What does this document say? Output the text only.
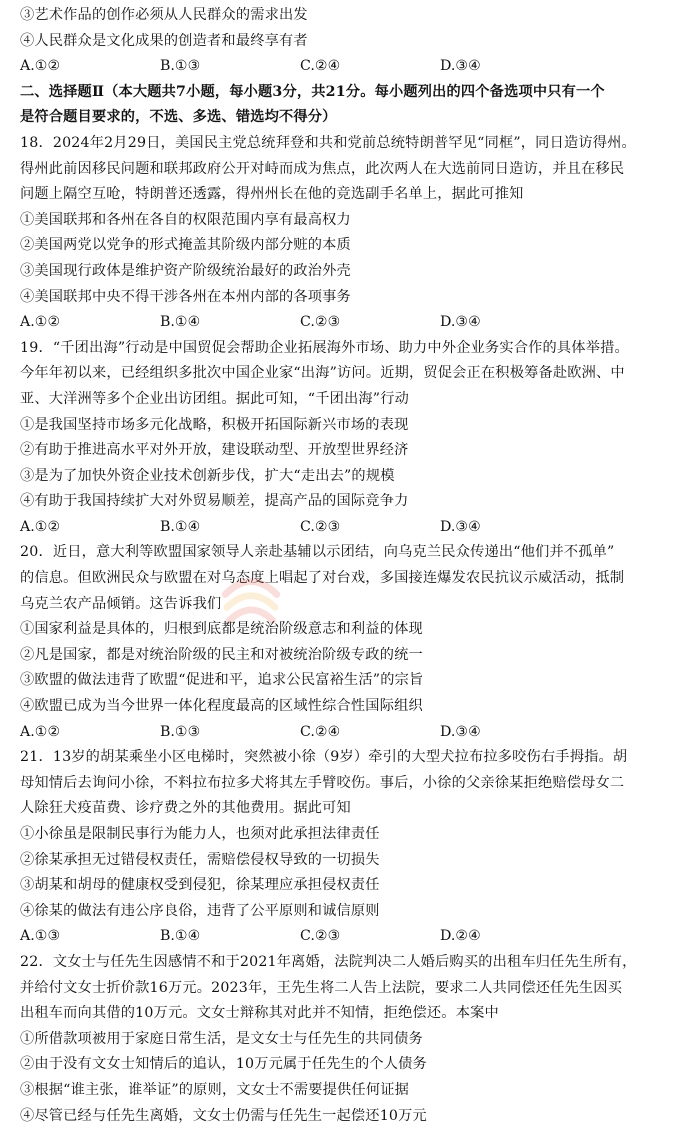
③艺术作品的创作必须从人民群众的需求出发
④人民群众是文化成果的创造者和最终享有者
A.①②	B.①③	C.②④	D.③④
二、选择题Ⅱ（本大题共7小题，每小题3分，共21分。每小题列出的四个备选项中只有一个
是符合题目要求的，不选、多选、错选均不得分）
18．2024年2月29日，美国民主党总统拜登和共和党前总统特朗普罕见“同框”，同日造访得州。
得州此前因移民问题和联邦政府公开对峙而成为焦点，此次两人在大选前同日造访，并且在移民
问题上隔空互呛，特朗普还透露，得州州长在他的竞选副手名单上，据此可推知
①美国联邦和各州在各自的权限范围内享有最高权力
②美国两党以党争的形式掩盖其阶级内部分赃的本质
③美国现行政体是维护资产阶级统治最好的政治外壳
④美国联邦中央不得干涉各州在本州内部的各项事务
A.①②	B.①④	C.②③	D.③④
19．“千团出海”行动是中国贸促会帮助企业拓展海外市场、助力中外企业务实合作的具体举措。
今年年初以来，已经组织多批次中国企业家“出海”访问。近期，贸促会正在积极筹备赴欧洲、中
亚、大洋洲等多个企业出访团组。据此可知，“千团出海”行动
①是我国坚持市场多元化战略，积极开拓国际新兴市场的表现
②有助于推进高水平对外开放，建设联动型、开放型世界经济
③是为了加快外资企业技术创新步伐，扩大“走出去”的规模
④有助于我国持续扩大对外贸易顺差，提高产品的国际竞争力
A.①②	B.①④	C.②③	D.③④
20．近日，意大利等欧盟国家领导人亲赴基辅以示团结，向乌克兰民众传递出“他们并不孤单”
的信息。但欧洲民众与欧盟在对乌态度上唱起了对台戏，多国接连爆发农民抗议示威活动，抵制
乌克兰农产品倾销。这告诉我们
①国家利益是具体的，归根到底都是统治阶级意志和利益的体现
②凡是国家，都是对统治阶级的民主和对被统治阶级专政的统一
③欧盟的做法违背了欧盟“促进和平，追求公民富裕生活”的宗旨
④欧盟已成为当今世界一体化程度最高的区域性综合性国际组织
A.①②	B.①③	C.②④	D.③④
21．13岁的胡某乘坐小区电梯时，突然被小徐（9岁）牵引的大型犬拉布拉多咬伤右手拇指。胡
母知情后去询问小徐，不料拉布拉多犬将其左手臂咬伤。事后，小徐的父亲徐某拒绝赔偿母女二
人除狂犬疫苗费、诊疗费之外的其他费用。据此可知
①小徐虽是限制民事行为能力人，也须对此承担法律责任
②徐某承担无过错侵权责任，需赔偿侵权导致的一切损失
③胡某和胡母的健康权受到侵犯，徐某理应承担侵权责任
④徐某的做法有违公序良俗，违背了公平原则和诚信原则
A.①③	B.①④	C.②③	D.②④
22．文女士与任先生因感情不和于2021年离婚，法院判决二人婚后购买的出租车归任先生所有，
并给付文女士折价款16万元。2023年，王先生将二人告上法院，要求二人共同偿还任先生因买
出租车而向其借的10万元。文女士辩称其对此并不知情，拒绝偿还。本案中
①所借款项被用于家庭日常生活，是文女士与任先生的共同债务
②由于没有文女士知情后的追认，10万元属于任先生的个人债务
③根据“谁主张，谁举证”的原则，文女士不需要提供任何证据
④尽管已经与任先生离婚，文女士仍需与任先生一起偿还10万元
